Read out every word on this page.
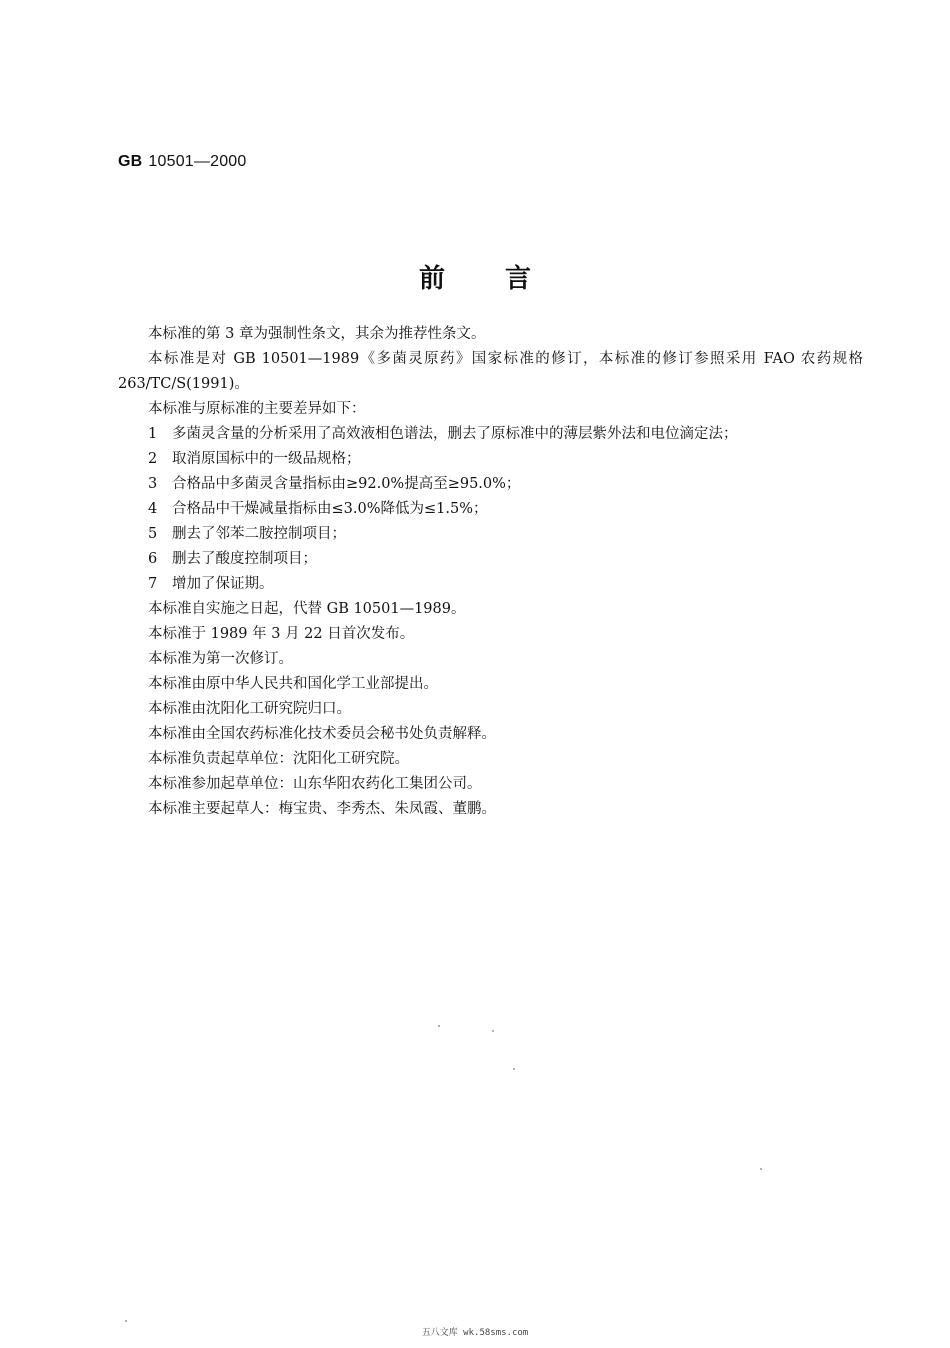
GB 10501—2000
前言

本标准的第 3 章为强制性条文，其余为推荐性条文。

本标准是对 GB 10501—1989《多菌灵原药》国家标准的修订，本标准的修订参照采用 FAO 农药规格 263/TC/S(1991)。

本标准与原标准的主要差异如下：

1	多菌灵含量的分析采用了高效液相色谱法，删去了原标准中的薄层紫外法和电位滴定法；
2	取消原国标中的一级品规格；
3	合格品中多菌灵含量指标由≥92.0%提高至≥95.0%；
4	合格品中干燥减量指标由≤3.0%降低为≤1.5%；
5	删去了邻苯二胺控制项目；
6	删去了酸度控制项目；
7	增加了保证期。

本标准自实施之日起，代替 GB 10501—1989。

本标准于 1989 年 3 月 22 日首次发布。

本标准为第一次修订。

本标准由原中华人民共和国化学工业部提出。

本标准由沈阳化工研究院归口。

本标准由全国农药标准化技术委员会秘书处负责解释。

本标准负责起草单位：沈阳化工研究院。

本标准参加起草单位：山东华阳农药化工集团公司。

本标准主要起草人：梅宝贵、李秀杰、朱凤霞、董鹏。

五八文库 wk.58sms.com
